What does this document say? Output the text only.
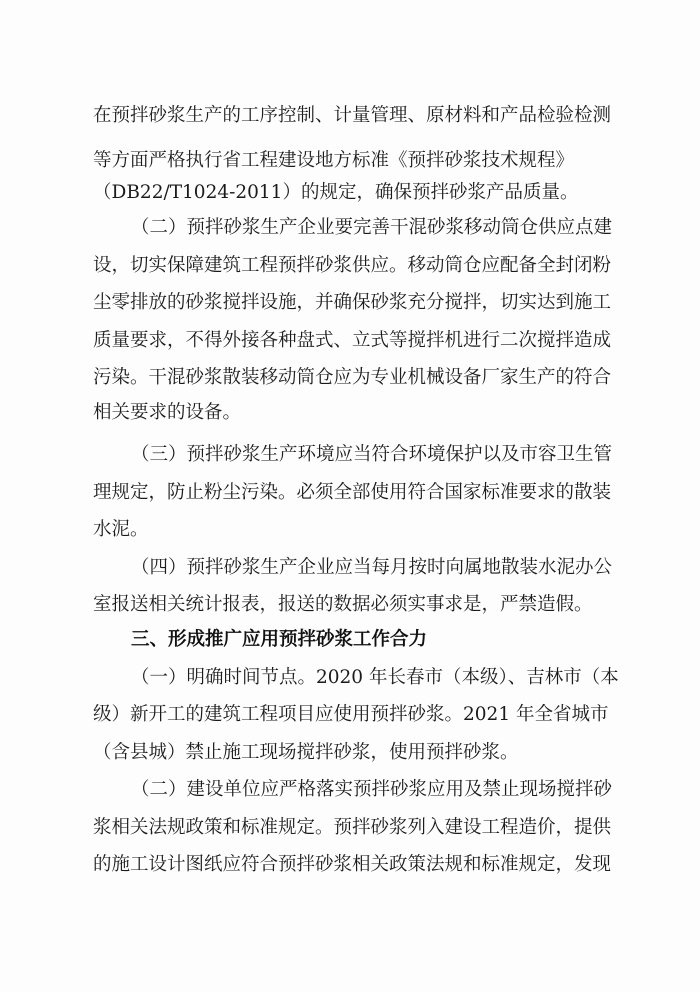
在预拌砂浆生产的工序控制、计量管理、原材料和产品检验检测
等方面严格执行省工程建设地方标准《预拌砂浆技术规程》
（DB22/T1024-2011）的规定，确保预拌砂浆产品质量。
（二）预拌砂浆生产企业要完善干混砂浆移动筒仓供应点建
设，切实保障建筑工程预拌砂浆供应。移动筒仓应配备全封闭粉
尘零排放的砂浆搅拌设施，并确保砂浆充分搅拌，切实达到施工
质量要求，不得外接各种盘式、立式等搅拌机进行二次搅拌造成
污染。干混砂浆散装移动筒仓应为专业机械设备厂家生产的符合
相关要求的设备。
（三）预拌砂浆生产环境应当符合环境保护以及市容卫生管
理规定，防止粉尘污染。必须全部使用符合国家标准要求的散装
水泥。
（四）预拌砂浆生产企业应当每月按时向属地散装水泥办公
室报送相关统计报表，报送的数据必须实事求是，严禁造假。
三、形成推广应用预拌砂浆工作合力
（一）明确时间节点。2020 年长春市（本级）、吉林市（本
级）新开工的建筑工程项目应使用预拌砂浆。2021 年全省城市
（含县城）禁止施工现场搅拌砂浆，使用预拌砂浆。
（二）建设单位应严格落实预拌砂浆应用及禁止现场搅拌砂
浆相关法规政策和标准规定。预拌砂浆列入建设工程造价，提供
的施工设计图纸应符合预拌砂浆相关政策法规和标准规定，发现
